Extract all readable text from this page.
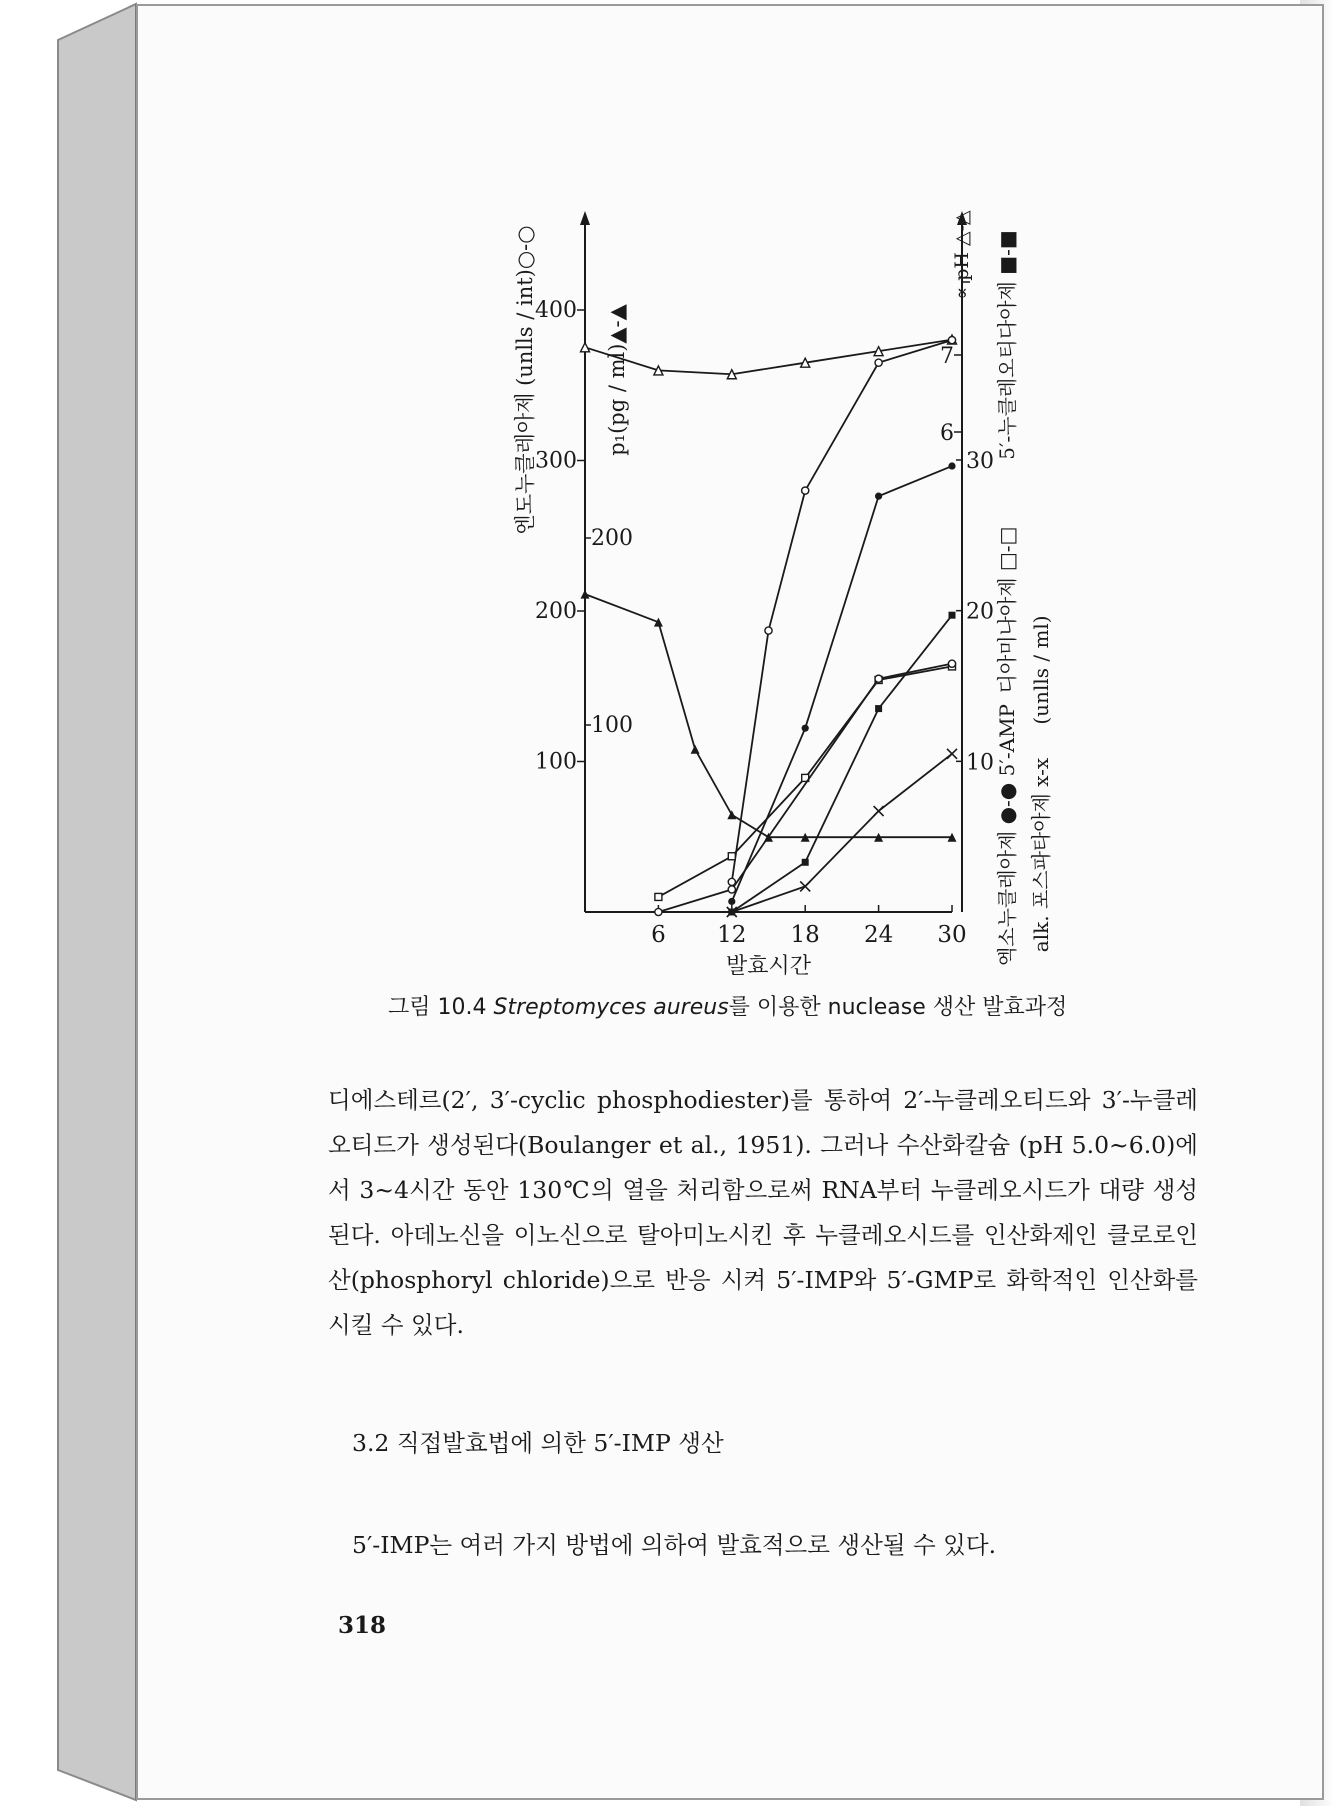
6 12 18 24 30
발효시간
400
300
200
100
200
100
7
6
30
20
10
엔도누클레아제 (unlls / int)○-○	p₁(pg / ml)▲-▲
∝ pH △-△ 5′-누클레오티다아제 ■-■
디아미나아제 □-□
엑소누클레아제 ●-● 5′-AMP
(unlls / ml)
alk. 포스파타아제 x-x
그림 10.4 Streptomyces aureus를 이용한 nuclease 생산 발효과정

디에스테르(2′, 3′-cyclic phosphodiester)를 통하여 2′-누클레오티드와 3′-누클레오티드가 생성된다(Boulanger et al., 1951). 그러나 수산화칼슘 (pH 5.0~6.0)에서 3~4시간 동안 130℃의 열을 처리함으로써 RNA부터 누클레오시드가 대량 생성된다. 아데노신을 이노신으로 탈아미노시킨 후 누클레오시드를 인산화제인 클로로인산(phosphoryl chloride)으로 반응 시켜 5′-IMP와 5′-GMP로 화학적인 인산화를 시킬 수 있다.

3.2 직접발효법에 의한 5′-IMP 생산
5′-IMP는 여러 가지 방법에 의하여 발효적으로 생산될 수 있다.
318
